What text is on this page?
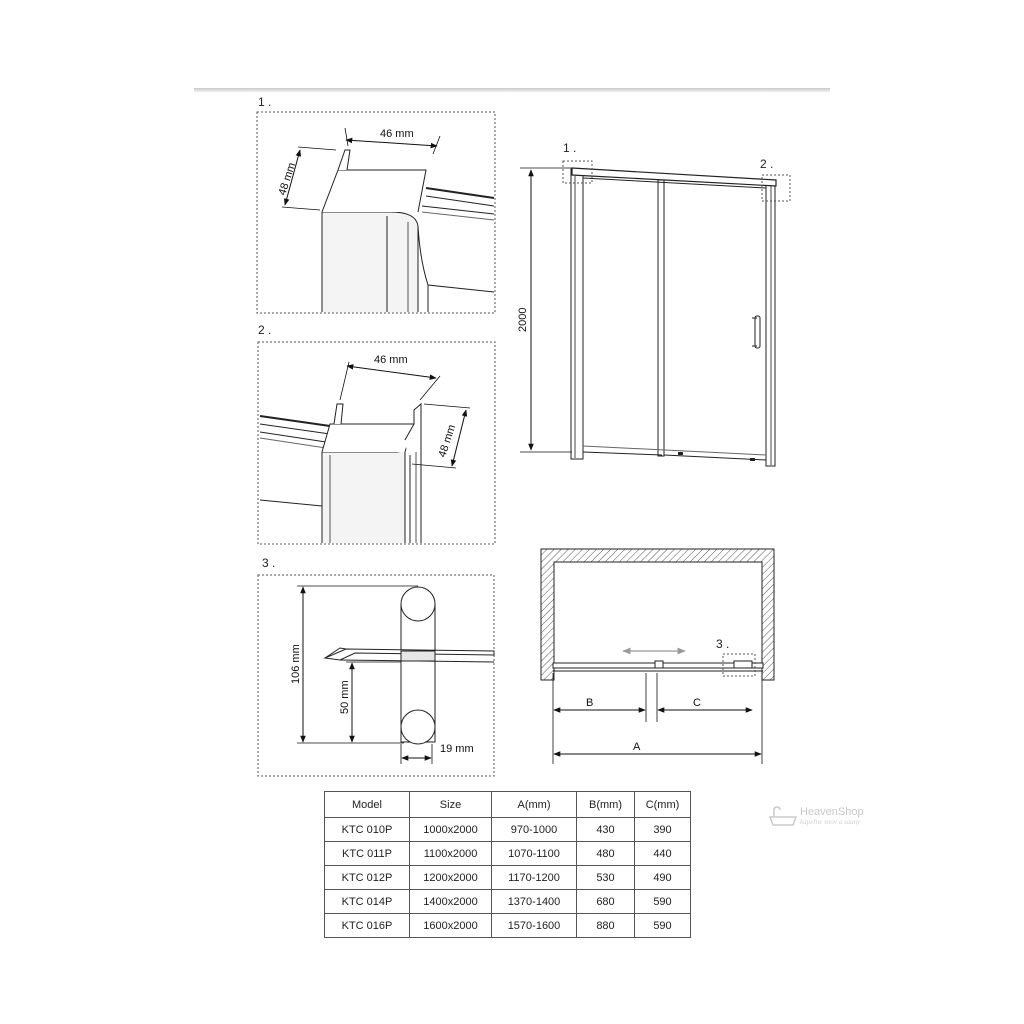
1 .
46 mm
48 mm
2 .
46 mm
48 mm
3 .
106 mm
50 mm
19 mm
2000
1 .
2 .
3 .
B	C
A
Model	Size	A(mm)	B(mm)	C(mm)
KTC 010P	1000x2000	970-1000	430	390
KTC 011P	1100x2000	1070-1100	480	440
KTC 012P	1200x2000	1170-1200	530	490
KTC 014P	1400x2000	1370-1400	680	590
KTC 016P	1600x2000	1570-1600	880	590
HeavenShop
kúpeľne snov a sauny
